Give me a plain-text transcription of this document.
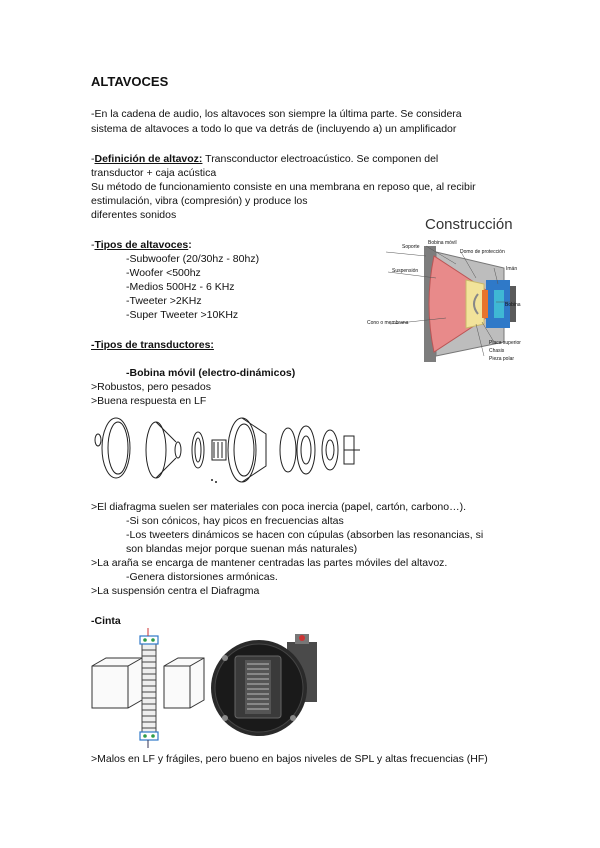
ALTAVOCES
-En la cadena de audio, los altavoces son siempre la última parte. Se considera
sistema de altavoces a todo lo que va detrás de (incluyendo a) un amplificador
-Definición de altavoz: Transconductor electroacústico. Se componen del
transductor + caja acústica
Su método de funcionamiento consiste en una membrana en reposo que, al recibir
estimulación, vibra (compresión) y produce los
diferentes sonidos
Construcción
Soporte
Bobina móvil
Domo de protección
Suspensión	Imán
Cono o membrana
Bobina
Placa superior
Chasis
Pieza polar
-Tipos de altavoces:
-Subwoofer (20/30hz - 80hz)
-Woofer <500hz
-Medios 500Hz - 6 KHz
-Tweeter >2KHz
-Super Tweeter >10KHz
-Tipos de transductores:
-Bobina móvil (electro-dinámicos)
>Robustos, pero pesados
>Buena respuesta en LF
>El diafragma suelen ser materiales con poca inercia (papel, cartón, carbono…).
-Si son cónicos, hay picos en frecuencias altas
-Los tweeters dinámicos se hacen con cúpulas (absorben las resonancias, si
son blandas mejor porque suenan más naturales)
>La araña se encarga de mantener centradas las partes móviles del altavoz.
-Genera distorsiones armónicas.
>La suspensión centra el Diafragma
-Cinta
>Malos en LF y frágiles, pero bueno en bajos niveles de SPL y altas frecuencias (HF)
